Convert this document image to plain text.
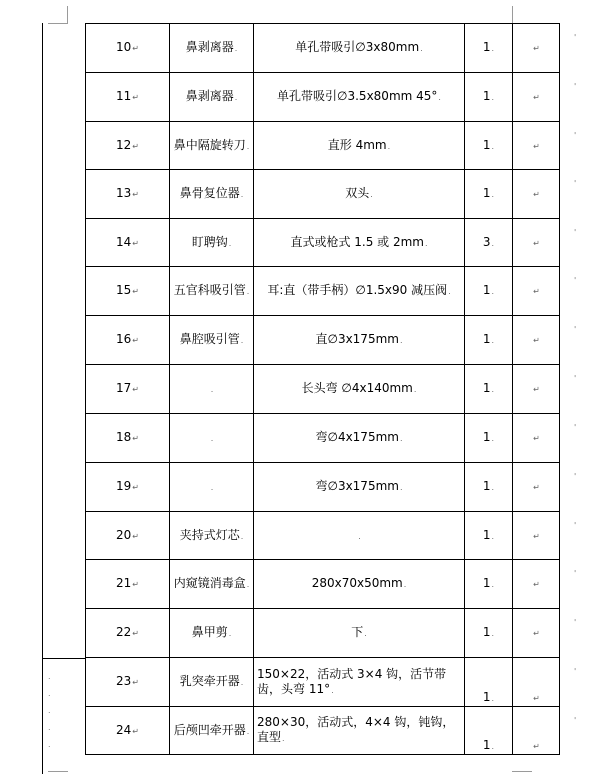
10↵	鼻剥离器.	单孔带吸引∅3x80mm.	1.	↵
11↵	鼻剥离器.	单孔带吸引∅3.5x80mm 45°.	1.	↵
12↵	鼻中隔旋转刀.	直形 4mm.	1.	↵
13↵	鼻骨复位器.	双头.	1.	↵
14↵	盯聘钩.	直式或枪式 1.5 或 2mm.	3.	↵
15↵	五官科吸引管.	耳:直（带手柄）∅1.5x90 减压阀.	1.	↵
16↵	鼻腔吸引管.	直∅3x175mm.	1.	↵
17↵	.	长头弯 ∅4x140mm.	1.	↵
18↵	.	弯∅4x175mm.	1.	↵
19↵	.	弯∅3x175mm.	1.	↵
20↵	夹持式灯芯.	.	1.	↵
21↵	内窥镜消毒盒.	280x70x50mm.	1.	↵
22↵	鼻甲剪.	下.	1.	↵
23↵	乳突牵开器.	150×22，活动式 3×4 钩，活节带齿，头弯 11°.	1.	↵
24↵	后颅凹牵开器.	280×30，活动式，4×4 钩，钝钩，直型.	1.	↵
.
.
.
.
.
'
'
'
'
'
'
'
'
'
'
'
'
'
'
'
